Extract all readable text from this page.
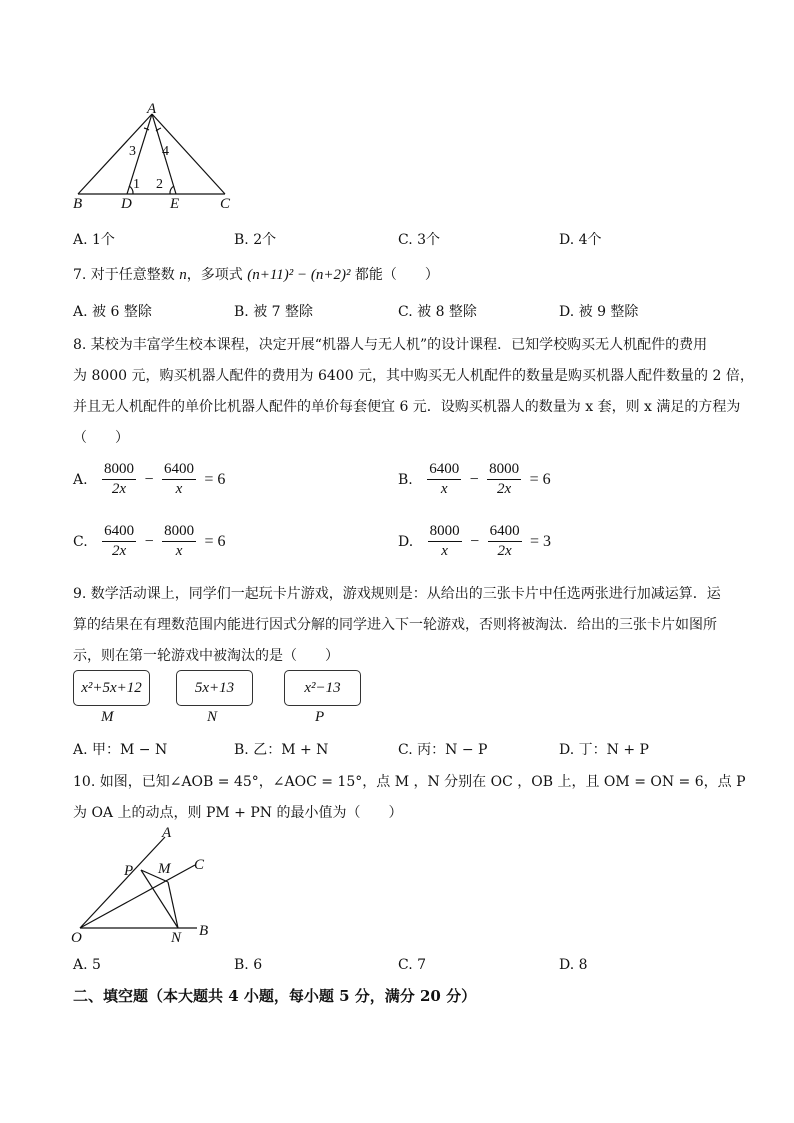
A
B	D	E	C
3 4
1 2
A. 1个	B. 2个	C. 3个	D. 4个
7. 对于任意整数 n，多项式 (n+11)² − (n+2)² 都能（　　）
A. 被 6 整除	B. 被 7 整除	C. 被 8 整除	D. 被 9 整除
8. 某校为丰富学生校本课程，决定开展“机器人与无人机”的设计课程．已知学校购买无人机配件的费用
为 8000 元，购买机器人配件的费用为 6400 元，其中购买无人机配件的数量是购买机器人配件数量的 2 倍，
并且无人机配件的单价比机器人配件的单价每套便宜 6 元．设购买机器人的数量为 x 套，则 x 满足的方程为
（　　）
A. $\frac{8000}{2x} - \frac{6400}{x} = 6$	B. $\frac{6400}{x} - \frac{8000}{2x} = 6$
C. $\frac{6400}{2x} - \frac{8000}{x} = 6$	D. $\frac{8000}{x} - \frac{6400}{2x} = 3$
9. 数学活动课上，同学们一起玩卡片游戏，游戏规则是：从给出的三张卡片中任选两张进行加减运算．运
算的结果在有理数范围内能进行因式分解的同学进入下一轮游戏，否则将被淘汰．给出的三张卡片如图所
示，则在第一轮游戏中被淘汰的是（　　）
x²+5x+12	5x+13	x²−13
M	N	P
A. 甲：M − N	B. 乙：M + N	C. 丙：N − P	D. 丁：N + P
10. 如图，已知∠AOB = 45°，∠AOC = 15°，点 M ，N 分别在 OC ，OB 上，且 OM = ON = 6，点 P
为 OA 上的动点，则 PM + PN 的最小值为（　　）
A
C
P M
O	N B
A. 5	B. 6	C. 7	D. 8
二、填空题（本大题共 4 小题，每小题 5 分，满分 20 分）
